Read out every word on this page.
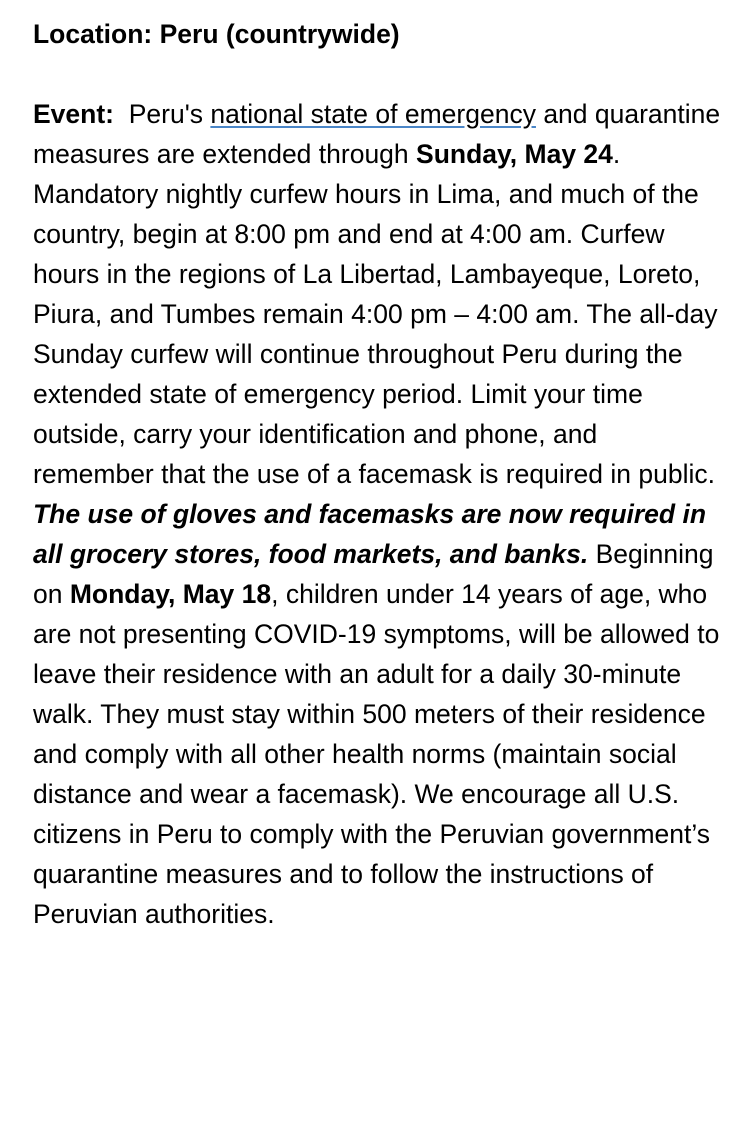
Location: Peru (countrywide)

Event: Peru's national state of emergency and quarantine measures are extended through Sunday, May 24. Mandatory nightly curfew hours in Lima, and much of the country, begin at 8:00 pm and end at 4:00 am. Curfew hours in the regions of La Libertad, Lambayeque, Loreto, Piura, and Tumbes remain 4:00 pm – 4:00 am. The all-day Sunday curfew will continue throughout Peru during the extended state of emergency period. Limit your time outside, carry your identification and phone, and remember that the use of a facemask is required in public. The use of gloves and facemasks are now required in all grocery stores, food markets, and banks. Beginning on Monday, May 18, children under 14 years of age, who are not presenting COVID-19 symptoms, will be allowed to leave their residence with an adult for a daily 30-minute walk. They must stay within 500 meters of their residence and comply with all other health norms (maintain social distance and wear a facemask). We encourage all U.S. citizens in Peru to comply with the Peruvian government’s quarantine measures and to follow the instructions of Peruvian authorities.
